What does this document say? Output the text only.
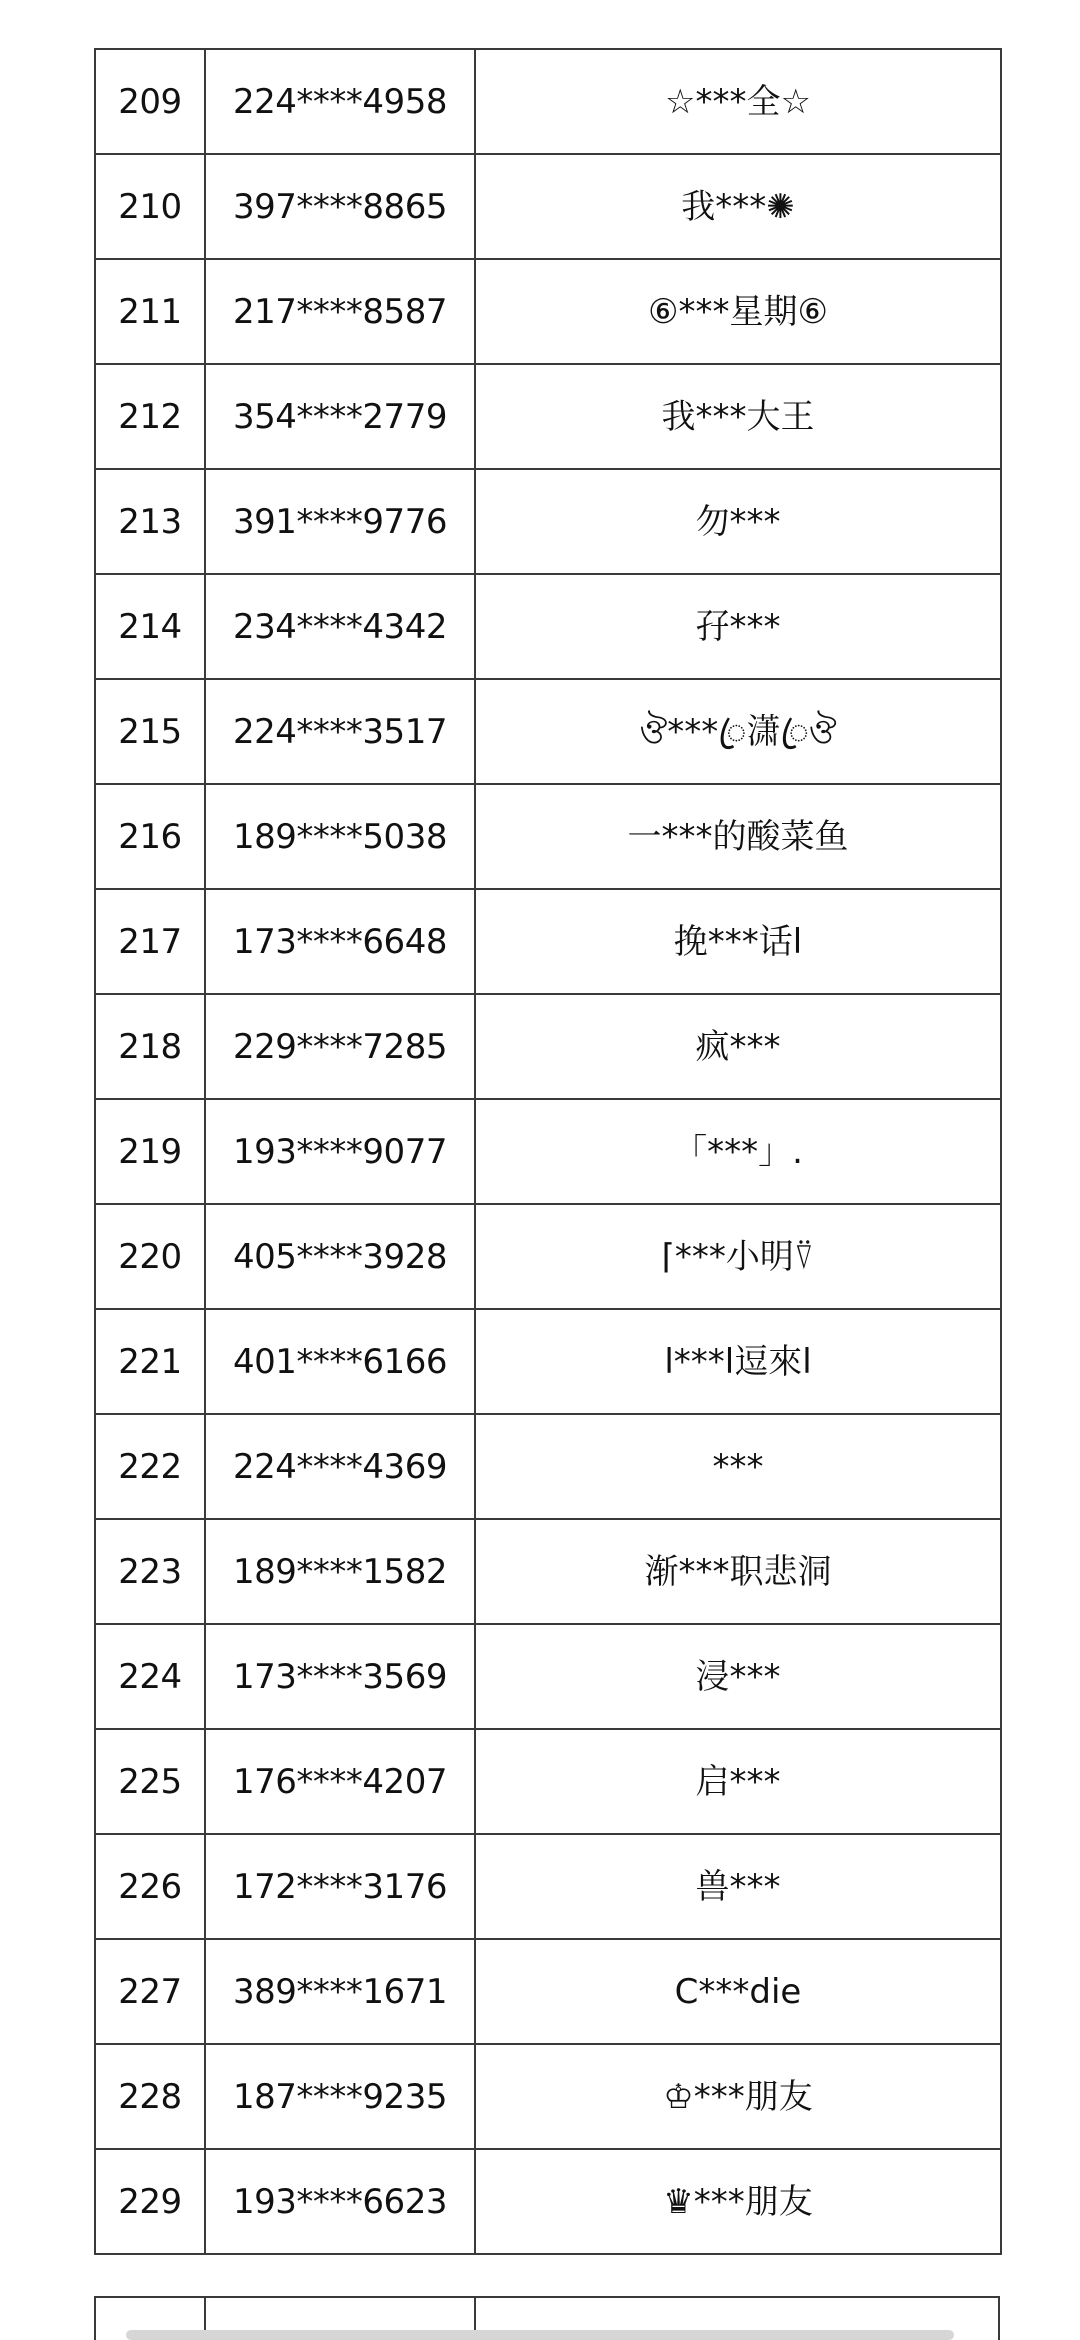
209	224****4958	☆***全☆
210	397****8865	我***✺
211	217****8587	⑥***星期⑥
212	354****2779	我***大王
213	391****9776	勿***
214	234****4342	孖***
215	224****3517	ঔ***ꦿ潇ꦿঔ
216	189****5038	一***的酸菜鱼
217	173****6648	挽***话l
218	229****7285	疯***
219	193****9077	「***」.
220	405****3928	⌈***小明⍢
221	401****6166	l***l逗來l
222	224****4369	***
223	189****1582	渐***职悲洞
224	173****3569	浸***
225	176****4207	启***
226	172****3176	兽***
227	389****1671	C***die
228	187****9235	♔***朋友
229	193****6623	♛***朋友
